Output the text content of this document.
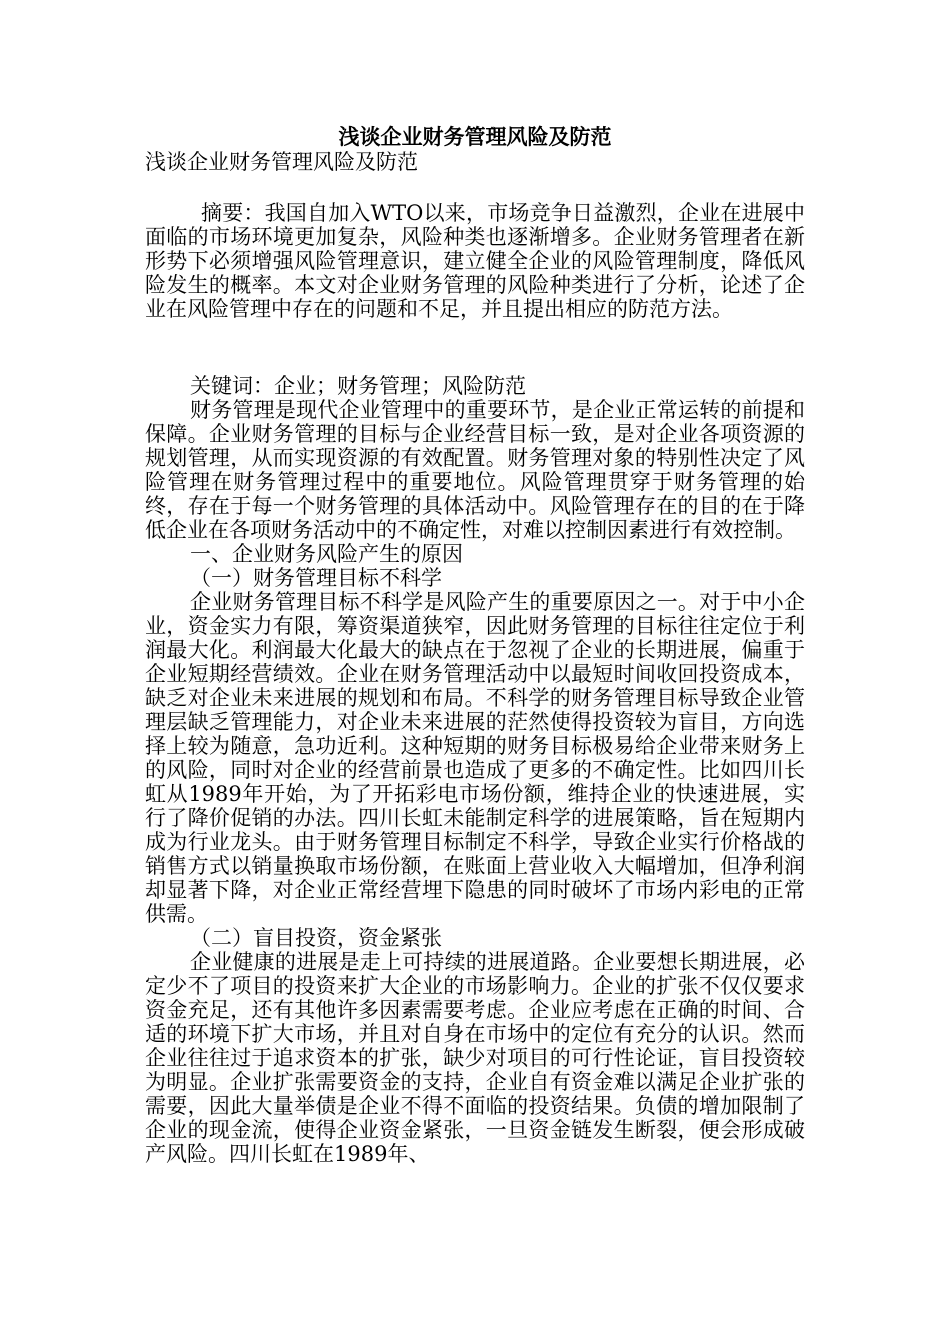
浅谈企业财务管理风险及防范
浅谈企业财务管理风险及防范
摘要：我国自加入WTO以来，市场竞争日益激烈，企业在进展中面临的市场环境更加复杂，风险种类也逐渐增多。企业财务管理者在新形势下必须增强风险管理意识，建立健全企业的风险管理制度，降低风险发生的概率。本文对企业财务管理的风险种类进行了分析，论述了企业在风险管理中存在的问题和不足，并且提出相应的防范方法。
关键词：企业；财务管理；风险防范

财务管理是现代企业管理中的重要环节，是企业正常运转的前提和保障。企业财务管理的目标与企业经营目标一致，是对企业各项资源的规划管理，从而实现资源的有效配置。财务管理对象的特别性决定了风险管理在财务管理过程中的重要地位。风险管理贯穿于财务管理的始终，存在于每一个财务管理的具体活动中。风险管理存在的目的在于降低企业在各项财务活动中的不确定性，对难以控制因素进行有效控制。

一、企业财务风险产生的原因

（一）财务管理目标不科学

企业财务管理目标不科学是风险产生的重要原因之一。对于中小企业，资金实力有限，筹资渠道狭窄，因此财务管理的目标往往定位于利润最大化。利润最大化最大的缺点在于忽视了企业的长期进展，偏重于企业短期经营绩效。企业在财务管理活动中以最短时间收回投资成本，缺乏对企业未来进展的规划和布局。不科学的财务管理目标导致企业管理层缺乏管理能力，对企业未来进展的茫然使得投资较为盲目，方向选择上较为随意，急功近利。这种短期的财务目标极易给企业带来财务上的风险，同时对企业的经营前景也造成了更多的不确定性。比如四川长虹从1989年开始，为了开拓彩电市场份额，维持企业的快速进展，实行了降价促销的办法。四川长虹未能制定科学的进展策略，旨在短期内成为行业龙头。由于财务管理目标制定不科学，导致企业实行价格战的销售方式以销量换取市场份额，在账面上营业收入大幅增加，但净利润却显著下降，对企业正常经营埋下隐患的同时破坏了市场内彩电的正常供需。

（二）盲目投资，资金紧张

企业健康的进展是走上可持续的进展道路。企业要想长期进展，必定少不了项目的投资来扩大企业的市场影响力。企业的扩张不仅仅要求资金充足，还有其他许多因素需要考虑。企业应考虑在正确的时间、合适的环境下扩大市场，并且对自身在市场中的定位有充分的认识。然而企业往往过于追求资本的扩张，缺少对项目的可行性论证，盲目投资较为明显。企业扩张需要资金的支持，企业自有资金难以满足企业扩张的需要，因此大量举债是企业不得不面临的投资结果。负债的增加限制了企业的现金流，使得企业资金紧张，一旦资金链发生断裂，便会形成破产风险。四川长虹在1989年、
